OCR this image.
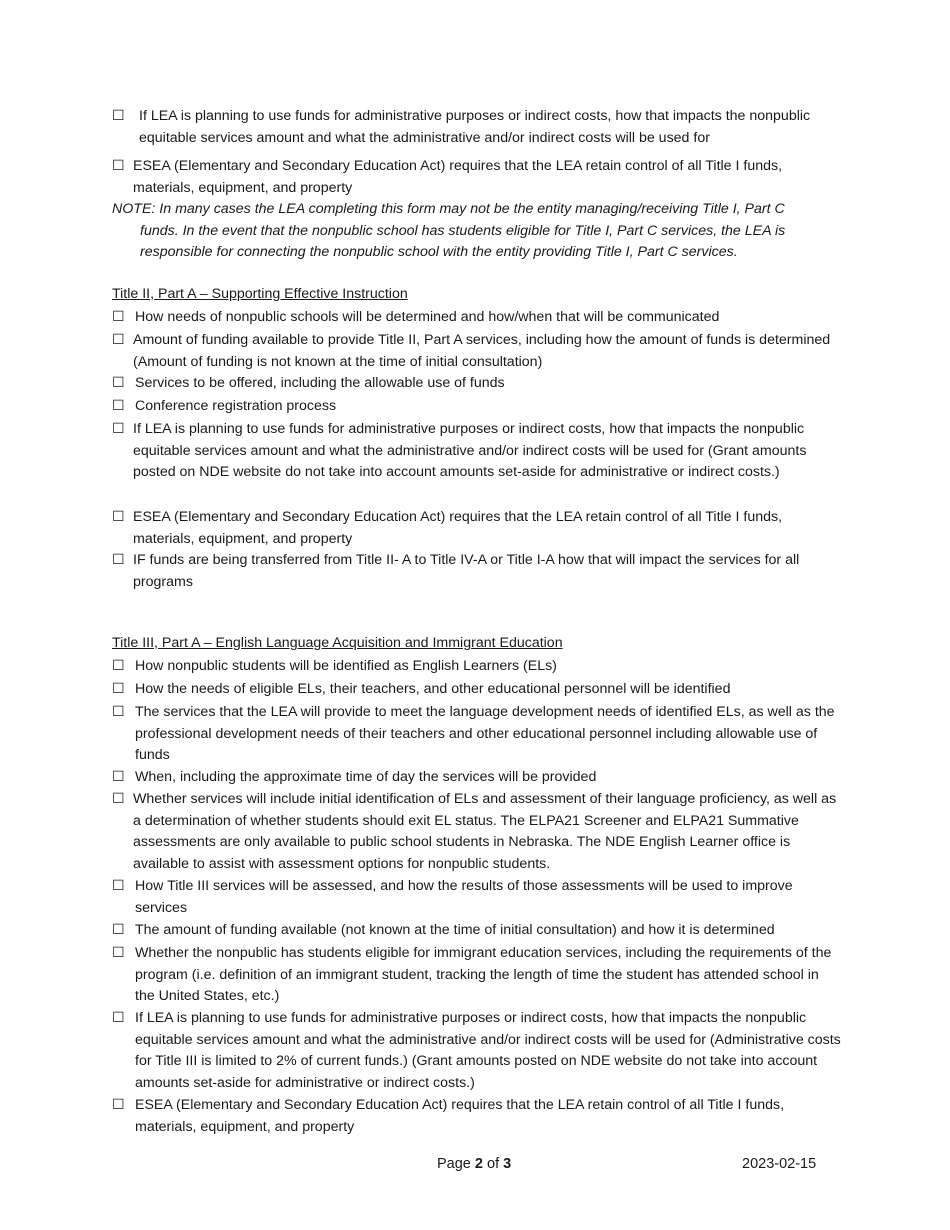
☐	If LEA is planning to use funds for administrative purposes or indirect costs, how that impacts the nonpublic equitable services amount and what the administrative and/or indirect costs will be used for
☐ ESEA (Elementary and Secondary Education Act) requires that the LEA retain control of all Title I funds, materials, equipment, and property
NOTE: In many cases the LEA completing this form may not be the entity managing/receiving Title I, Part C
funds. In the event that the nonpublic school has students eligible for Title I, Part C services, the LEA is responsible for connecting the nonpublic school with the entity providing Title I, Part C services.
Title II, Part A – Supporting Effective Instruction
☐ How needs of nonpublic schools will be determined and how/when that will be communicated
☐ Amount of funding available to provide Title II, Part A services, including how the amount of funds is determined (Amount of funding is not known at the time of initial consultation)
☐ Services to be offered, including the allowable use of funds
☐ Conference registration process
☐ If LEA is planning to use funds for administrative purposes or indirect costs, how that impacts the nonpublic equitable services amount and what the administrative and/or indirect costs will be used for (Grant amounts posted on NDE website do not take into account amounts set-aside for administrative or indirect costs.)
☐ ESEA (Elementary and Secondary Education Act) requires that the LEA retain control of all Title I funds, materials, equipment, and property
☐ IF funds are being transferred from Title II- A to Title IV-A or Title I-A how that will impact the services for all programs
Title III, Part A – English Language Acquisition and Immigrant Education
☐ How nonpublic students will be identified as English Learners (ELs)
☐ How the needs of eligible ELs, their teachers, and other educational personnel will be identified
☐ The services that the LEA will provide to meet the language development needs of identified ELs, as well as the professional development needs of their teachers and other educational personnel including allowable use of funds
☐ When, including the approximate time of day the services will be provided
☐ Whether services will include initial identification of ELs and assessment of their language proficiency, as well as a determination of whether students should exit EL status. The ELPA21 Screener and ELPA21 Summative assessments are only available to public school students in Nebraska. The NDE English Learner office is available to assist with assessment options for nonpublic students.
☐ How Title III services will be assessed, and how the results of those assessments will be used to improve services
☐ The amount of funding available (not known at the time of initial consultation) and how it is determined
☐ Whether the nonpublic has students eligible for immigrant education services, including the requirements of the program (i.e. definition of an immigrant student, tracking the length of time the student has attended school in the United States, etc.)
☐ If LEA is planning to use funds for administrative purposes or indirect costs, how that impacts the nonpublic equitable services amount and what the administrative and/or indirect costs will be used for (Administrative costs for Title III is limited to 2% of current funds.) (Grant amounts posted on NDE website do not take into account amounts set-aside for administrative or indirect costs.)
☐ ESEA (Elementary and Secondary Education Act) requires that the LEA retain control of all Title I funds, materials, equipment, and property
Page 2 of 3	2023-02-15
